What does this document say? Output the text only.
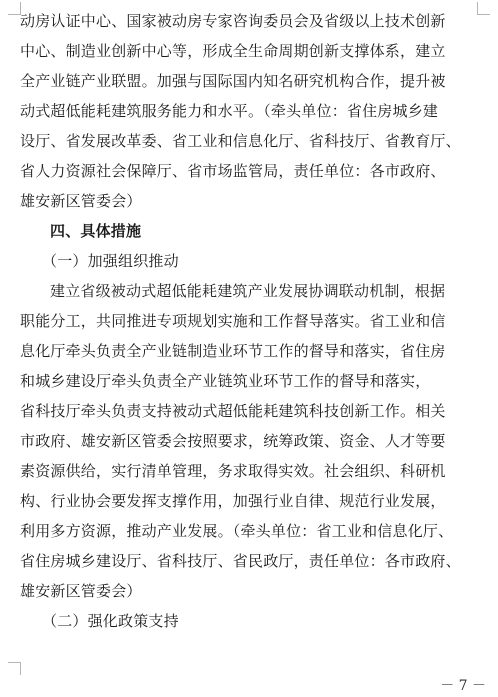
动房认证中心、国家被动房专家咨询委员会及省级以上技术创新
中心、制造业创新中心等，形成全生命周期创新支撑体系，建立
全产业链产业联盟。加强与国际国内知名研究机构合作，提升被
动式超低能耗建筑服务能力和水平。（牵头单位：省住房城乡建
设厅、省发展改革委、省工业和信息化厅、省科技厅、省教育厅、
省人力资源社会保障厅、省市场监管局，责任单位：各市政府、
雄安新区管委会）
四、具体措施
（一）加强组织推动
建立省级被动式超低能耗建筑产业发展协调联动机制，根据
职能分工，共同推进专项规划实施和工作督导落实。省工业和信
息化厅牵头负责全产业链制造业环节工作的督导和落实，省住房
和城乡建设厅牵头负责全产业链筑业环节工作的督导和落实，
省科技厅牵头负责支持被动式超低能耗建筑科技创新工作。相关
市政府、雄安新区管委会按照要求，统筹政策、资金、人才等要
素资源供给，实行清单管理，务求取得实效。社会组织、科研机
构、行业协会要发挥支撑作用，加强行业自律、规范行业发展，
利用多方资源，推动产业发展。（牵头单位：省工业和信息化厅、
省住房城乡建设厅、省科技厅、省民政厅，责任单位：各市政府、
雄安新区管委会）
（二）强化政策支持
－ 7 －
